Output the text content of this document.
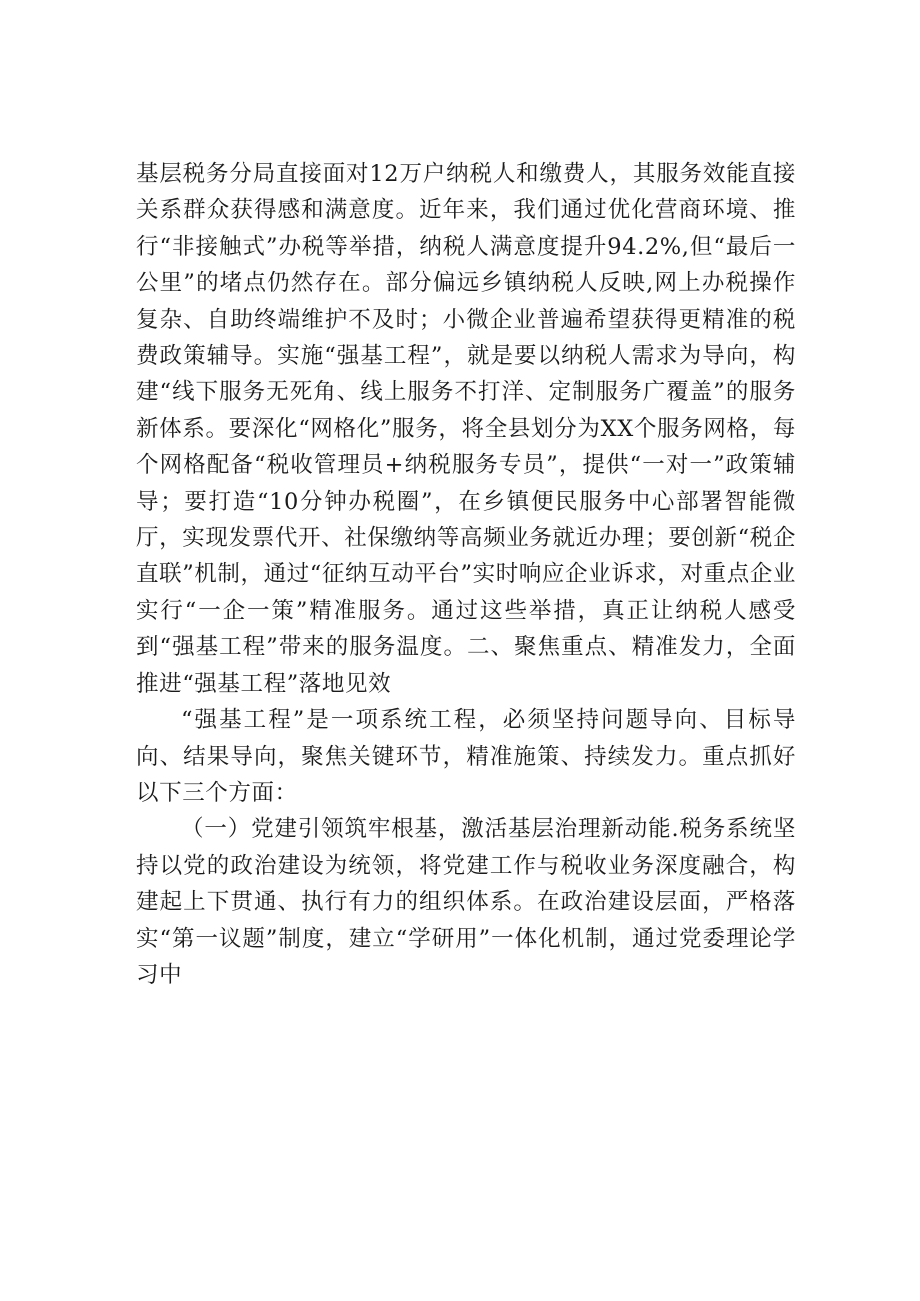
基层税务分局直接面对12万户纳税人和缴费人，其服务效能直接关系群众获得感和满意度。近年来，我们通过优化营商环境、推行“非接触式”办税等举措，纳税人满意度提升94.2%,但“最后一公里”的堵点仍然存在。部分偏远乡镇纳税人反映,网上办税操作复杂、自助终端维护不及时；小微企业普遍希望获得更精准的税费政策辅导。实施“强基工程”，就是要以纳税人需求为导向，构建“线下服务无死角、线上服务不打洋、定制服务广覆盖”的服务新体系。要深化“网格化”服务，将全县划分为XX个服务网格，每个网格配备“税收管理员+纳税服务专员”，提供“一对一”政策辅导；要打造“10分钟办税圈”，在乡镇便民服务中心部署智能微厅，实现发票代开、社保缴纳等高频业务就近办理；要创新“税企直联”机制，通过“征纳互动平台”实时响应企业诉求，对重点企业实行“一企一策”精准服务。通过这些举措，真正让纳税人感受到“强基工程”带来的服务温度。二、聚焦重点、精准发力，全面推进“强基工程”落地见效

“强基工程”是一项系统工程，必须坚持问题导向、目标导向、结果导向，聚焦关键环节，精准施策、持续发力。重点抓好以下三个方面：

（一）党建引领筑牢根基，激活基层治理新动能.税务系统坚持以党的政治建设为统领，将党建工作与税收业务深度融合，构建起上下贯通、执行有力的组织体系。在政治建设层面，严格落实“第一议题”制度，建立“学研用”一体化机制，通过党委理论学习中
